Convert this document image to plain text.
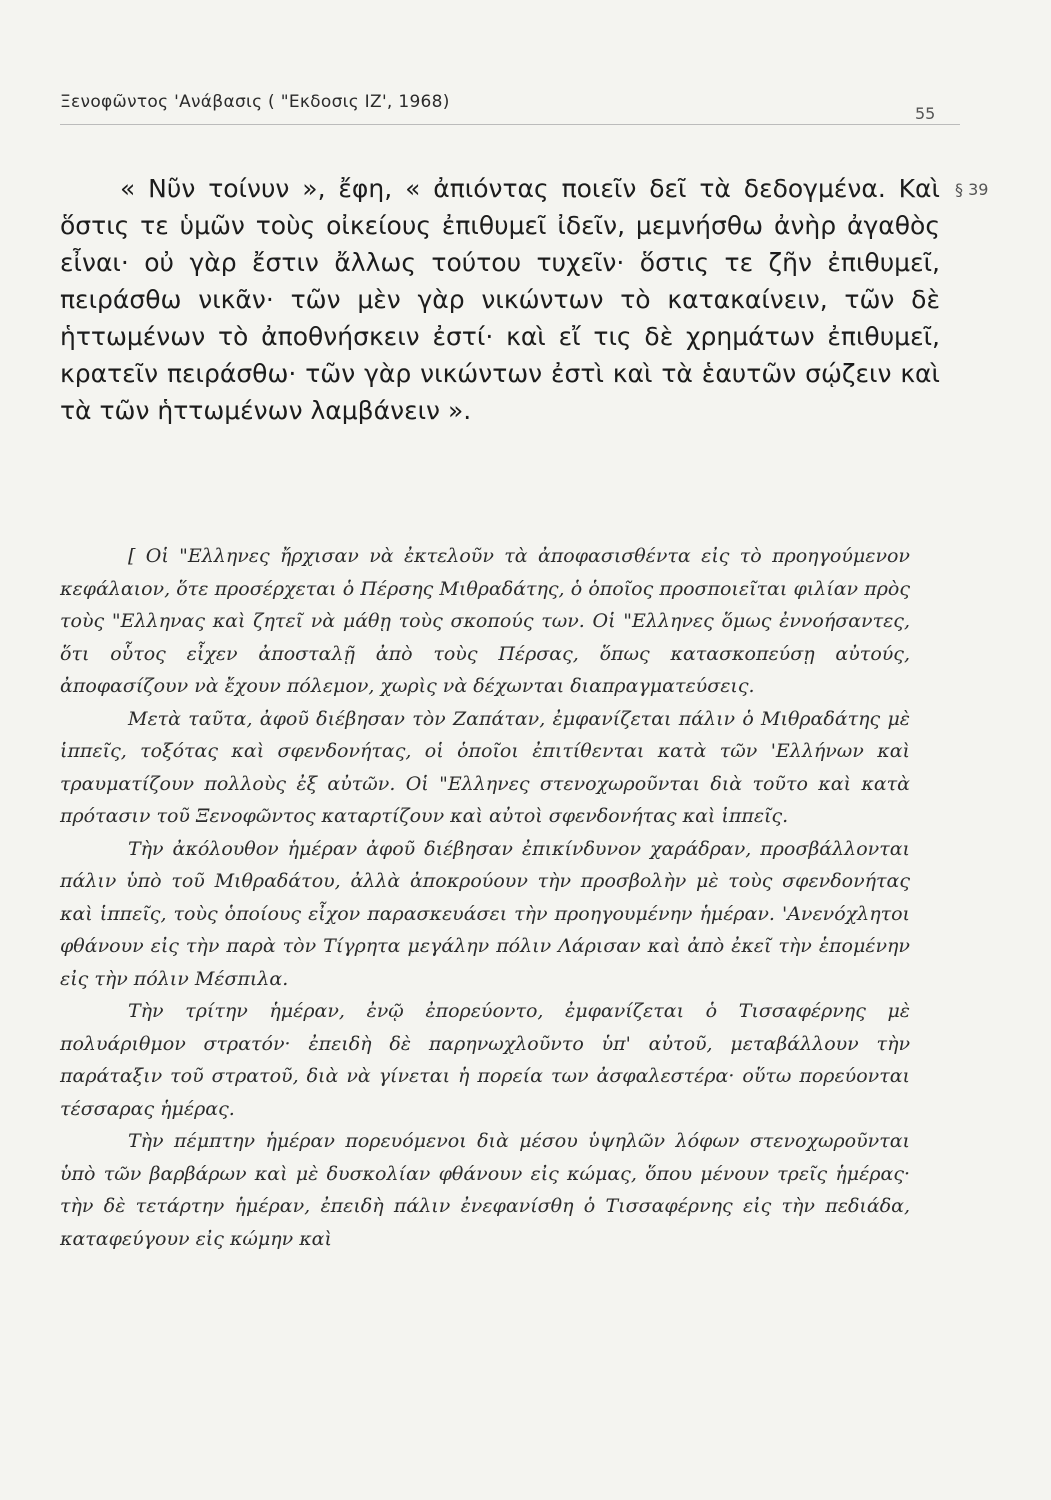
Ξενοφῶντος 'Ανάβασις ( "Εκδοσις ΙΖ', 1968)
55
§ 39

« Νῦν τοίνυν », ἔφη, « ἀπιόντας ποιεῖν δεῖ τὰ δεδογμένα. Καὶ ὅστις τε ὑμῶν τοὺς οἰκείους ἐπιθυμεῖ ἰδεῖν, μεμνήσθω ἀνὴρ ἀγαθὸς εἶναι· οὐ γὰρ ἔστιν ἄλλως τούτου τυχεῖν· ὅστις τε ζῆν ἐπιθυμεῖ, πειράσθω νικᾶν· τῶν μὲν γὰρ νικώντων τὸ κατακαίνειν, τῶν δὲ ἡττωμένων τὸ ἀποθνήσκειν ἐστί· καὶ εἴ τις δὲ χρημάτων ἐπιθυμεῖ, κρατεῖν πειράσθω· τῶν γὰρ νικώντων ἐστὶ καὶ τὰ ἑαυτῶν σῴζειν καὶ τὰ τῶν ἡττωμένων λαμβάνειν ».

[ Οἱ "Ελληνες ἤρχισαν νὰ ἐκτελοῦν τὰ ἀποφασισθέντα εἰς τὸ προηγούμενον κεφάλαιον, ὅτε προσέρχεται ὁ Πέρσης Μιθραδάτης, ὁ ὁποῖος προσποιεῖται φιλίαν πρὸς τοὺς "Ελληνας καὶ ζητεῖ νὰ μάθῃ τοὺς σκοπούς των. Οἱ "Ελληνες ὅμως ἐννοήσαντες, ὅτι οὗτος εἶχεν ἀποσταλῇ ἀπὸ τοὺς Πέρσας, ὅπως κατασκοπεύσῃ αὐτούς, ἀποφασίζουν νὰ ἔχουν πόλεμον, χωρὶς νὰ δέχωνται διαπραγματεύσεις.

Μετὰ ταῦτα, ἀφοῦ διέβησαν τὸν Ζαπάταν, ἐμφανίζεται πάλιν ὁ Μιθραδάτης μὲ ἱππεῖς, τοξότας καὶ σφενδονήτας, οἱ ὁποῖοι ἐπιτίθενται κατὰ τῶν 'Ελλήνων καὶ τραυματίζουν πολλοὺς ἐξ αὐτῶν. Οἱ "Ελληνες στενοχωροῦνται διὰ τοῦτο καὶ κατὰ πρότασιν τοῦ Ξενοφῶντος καταρτίζουν καὶ αὐτοὶ σφενδονήτας καὶ ἱππεῖς.

Τὴν ἀκόλουθον ἡμέραν ἀφοῦ διέβησαν ἐπικίνδυνον χαράδραν, προσβάλλονται πάλιν ὑπὸ τοῦ Μιθραδάτου, ἀλλὰ ἀποκρούουν τὴν προσβολὴν μὲ τοὺς σφενδονήτας καὶ ἱππεῖς, τοὺς ὁποίους εἶχον παρασκευάσει τὴν προηγουμένην ἡμέραν. 'Ανενόχλητοι φθάνουν εἰς τὴν παρὰ τὸν Τίγρητα μεγάλην πόλιν Λάρισαν καὶ ἀπὸ ἐκεῖ τὴν ἑπομένην εἰς τὴν πόλιν Μέσπιλα.

Τὴν τρίτην ἡμέραν, ἐνῷ ἐπορεύοντο, ἐμφανίζεται ὁ Τισσαφέρνης μὲ πολυάριθμον στρατόν· ἐπειδὴ δὲ παρηνωχλοῦντο ὑπ' αὐτοῦ, μεταβάλλουν τὴν παράταξιν τοῦ στρατοῦ, διὰ νὰ γίνεται ἡ πορεία των ἀσφαλεστέρα· οὕτω πορεύονται τέσσαρας ἡμέρας.

Τὴν πέμπτην ἡμέραν πορευόμενοι διὰ μέσου ὑψηλῶν λόφων στενοχωροῦνται ὑπὸ τῶν βαρβάρων καὶ μὲ δυσκολίαν φθάνουν εἰς κώμας, ὅπου μένουν τρεῖς ἡμέρας· τὴν δὲ τετάρτην ἡμέραν, ἐπειδὴ πάλιν ἐνεφανίσθη ὁ Τισσαφέρνης εἰς τὴν πεδιάδα, καταφεύγουν εἰς κώμην καὶ
